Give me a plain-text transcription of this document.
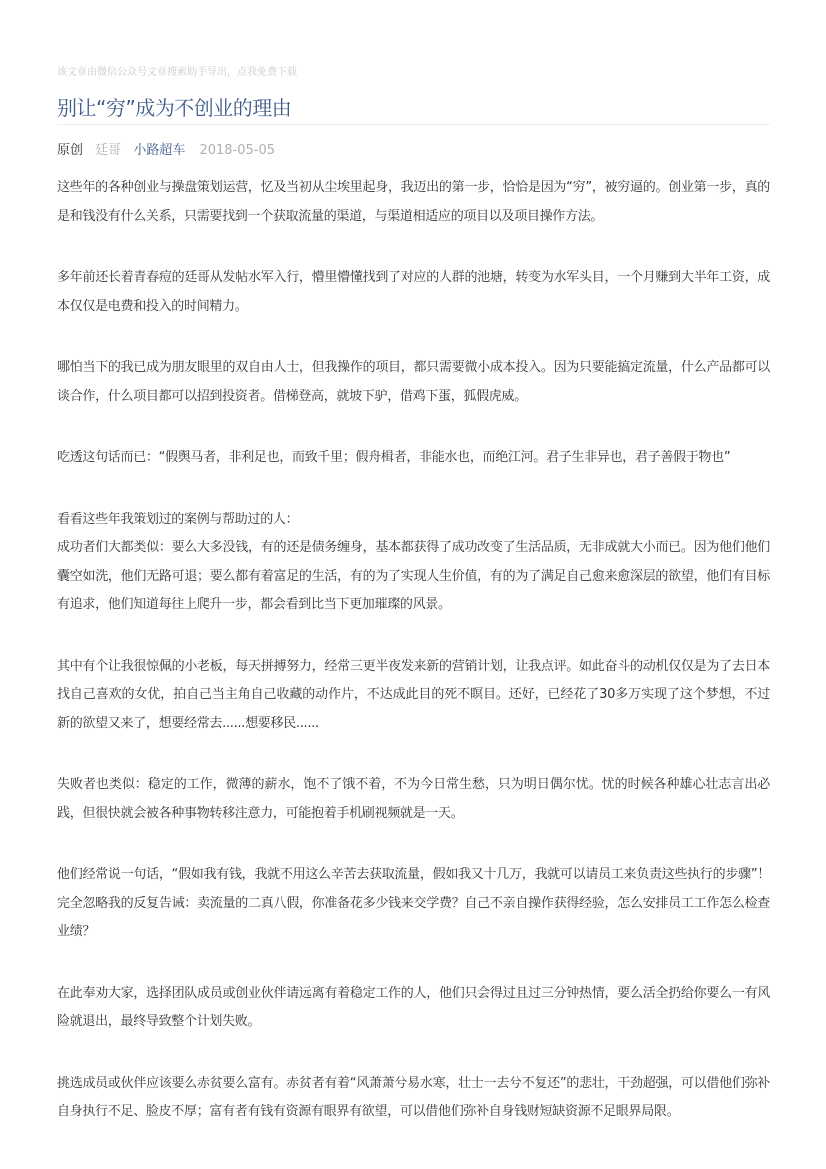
该文章由微信公众号文章搜索助手导出，点我免费下载
别让“穷”成为不创业的理由
原创 廷哥 小路超车 2018-05-05

这些年的各种创业与操盘策划运营，忆及当初从尘埃里起身，我迈出的第一步，恰恰是因为“穷”，被穷逼的。创业第一步，真的是和钱没有什么关系，只需要找到一个获取流量的渠道，与渠道相适应的项目以及项目操作方法。

多年前还长着青春痘的廷哥从发帖水军入行，懵里懵懂找到了对应的人群的池塘，转变为水军头目，一个月赚到大半年工资，成本仅仅是电费和投入的时间精力。

哪怕当下的我已成为朋友眼里的双自由人士，但我操作的项目，都只需要微小成本投入。因为只要能搞定流量，什么产品都可以谈合作，什么项目都可以招到投资者。借梯登高，就坡下驴，借鸡下蛋，狐假虎威。

吃透这句话而已：“假舆马者，非利足也，而致千里；假舟楫者，非能水也，而绝江河。君子生非异也，君子善假于物也”

看看这些年我策划过的案例与帮助过的人：

成功者们大都类似：要么大多没钱，有的还是债务缠身，基本都获得了成功改变了生活品质，无非成就大小而已。因为他们他们囊空如洗，他们无路可退；要么都有着富足的生活，有的为了实现人生价值，有的为了满足自己愈来愈深层的欲望，他们有目标有追求，他们知道每往上爬升一步，都会看到比当下更加璀璨的风景。

其中有个让我很惊佩的小老板，每天拼搏努力，经常三更半夜发来新的营销计划，让我点评。如此奋斗的动机仅仅是为了去日本找自己喜欢的女优，拍自己当主角自己收藏的动作片，不达成此目的死不瞑目。还好，已经花了30多万实现了这个梦想，不过新的欲望又来了，想要经常去......想要移民......

失败者也类似：稳定的工作，微薄的薪水，饱不了饿不着，不为今日常生愁，只为明日偶尔忧。忧的时候各种雄心壮志言出必践，但很快就会被各种事物转移注意力，可能抱着手机刷视频就是一天。

他们经常说一句话，“假如我有钱，我就不用这么辛苦去获取流量，假如我又十几万，我就可以请员工来负责这些执行的步骤”！完全忽略我的反复告诫：卖流量的二真八假，你准备花多少钱来交学费？自己不亲自操作获得经验，怎么安排员工工作怎么检查业绩？

在此奉劝大家，选择团队成员或创业伙伴请远离有着稳定工作的人，他们只会得过且过三分钟热情，要么活全扔给你要么一有风险就退出，最终导致整个计划失败。

挑选成员或伙伴应该要么赤贫要么富有。赤贫者有着“风萧萧兮易水寒，壮士一去兮不复还”的悲壮，干劲超强，可以借他们弥补自身执行不足、脸皮不厚；富有者有钱有资源有眼界有欲望，可以借他们弥补自身钱财短缺资源不足眼界局限。
